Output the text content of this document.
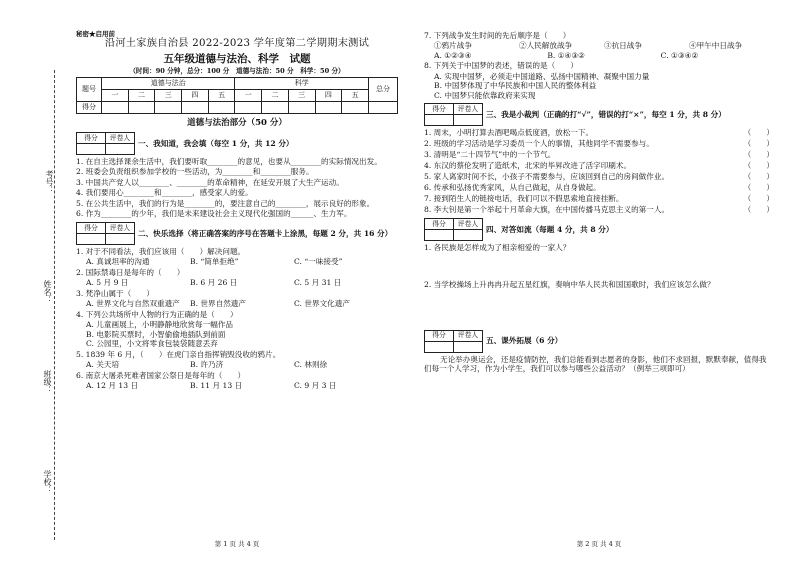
考号：
姓名：
班级：
学校：
秘密★启用前
沿河土家族自治县 2022-2023 学年度第二学期期末测试
五年级道德与法治、科学　试题
（时间：90 分钟，总分：100 分　道德与法治：50 分　科学：50 分）
题号	道德与法治					科学					总分
	一	二	三	四	五	一	二	三	四	五	
得分											
道德与法治部分（50 分）
得分	评卷人

一、我知道，我会填（每空 1 分，共 12 分）
1. 在自主选择课余生活中，我们要听取________的意见，也要从________的实际情况出发。
2. 班委会负责组织参加学校的一些活动，为________和________服务。
3. 中国共产党人以________、________的革命精神，在延安开展了大生产运动。
4. 我们要用心________和________，感受家人的爱。
5. 在公共生活中，我们的行为是________的，要注意自己的________，展示良好的形象。
6. 作为________的少年，我们是未来建设社会主义现代化强国的______、生力军。
得分	评卷人

二、快乐选择（将正确答案的序号在答题卡上涂黑，每题 2 分，共 16 分）
1. 对于不同看法，我们应该用（　　）解决问题。
A. 真诚坦率的沟通	B. “简单拒绝”	C. “一味接受”
2. 国际禁毒日是每年的（　　）
A. 5 月 9 日	B. 6 月 26 日	C. 5 月 31 日
3. 梵净山属于（　　）
A. 世界文化与自然双重遗产	B. 世界自然遗产	C. 世界文化遗产
4. 下列公共场所中人物的行为正确的是（　　）
A. 儿童画展上，小明静静地欣赏每一幅作品
B. 电影院买票时，小智偷偷地插队到前面
C. 公园里，小文将零食包装袋随意丢弃
5. 1839 年 6 月，（　　）在虎门亲自指挥销毁没收的鸦片。
A. 关天培	B. 许乃济	C. 林则徐
6. 南京大屠杀死难者国家公祭日是每年的（　　）
A. 12 月 13 日	B. 11 月 13 日	C. 9 月 3 日
第 1 页 共 4 页
7. 下列战争发生时间的先后顺序是（　　）
①鸦片战争	②人民解放战争	③抗日战争	④甲午中日战争
A. ①②③④	B. ①④③②	C. ①③④②
8. 下列关于中国梦的表述，错误的是（　　）
A. 实现中国梦，必须走中国道路、弘扬中国精神、凝聚中国力量
B. 中国梦体现了中华民族和中国人民的整体利益
C. 中国梦只能依靠政府来实现
得分	评卷人

三、我是小裁判（正确的打“√”，错误的打“×”，每空 1 分，共 8 分）
1. 周末，小明打算去酒吧喝点低度酒，放松一下。	（　　）
2. 班级的学习活动是学习委员一个人的事情，其他同学不需要参与。	（　　）
3. 清明是“二十四节气”中的一个节气。	（　　）
4. 东汉的蔡伦发明了造纸术，北宋的毕昇改进了活字印刷术。	（　　）
5. 家人离家时间不长，小孩子不需要参与，应该回到自己的房间做作业。	（　　）
6. 传承和弘扬优秀家风，从自己做起，从自身做起。	（　　）
7. 接到陌生人的链接电话，我们可以不假思索地直接挂断。	（　　）
8. 李大钊是第一个举起十月革命大旗，在中国传播马克思主义的第一人。	（　　）
得分	评卷人

四、对答如流（每题 4 分，共 8 分）
1. 各民族是怎样成为了相亲相爱的一家人？
2. 当学校操场上升冉冉升起五星红旗，奏响中华人民共和国国歌时，我们应该怎么做？
得分	评卷人

五、课外拓展（6 分）
无论举办奥运会，还是疫情防控，我们总能看到志愿者的身影，他们不求回报，默默奉献，值得我们每一个人学习，作为小学生，我们可以参与哪些公益活动？（例举三项即可）
第 2 页 共 4 页
